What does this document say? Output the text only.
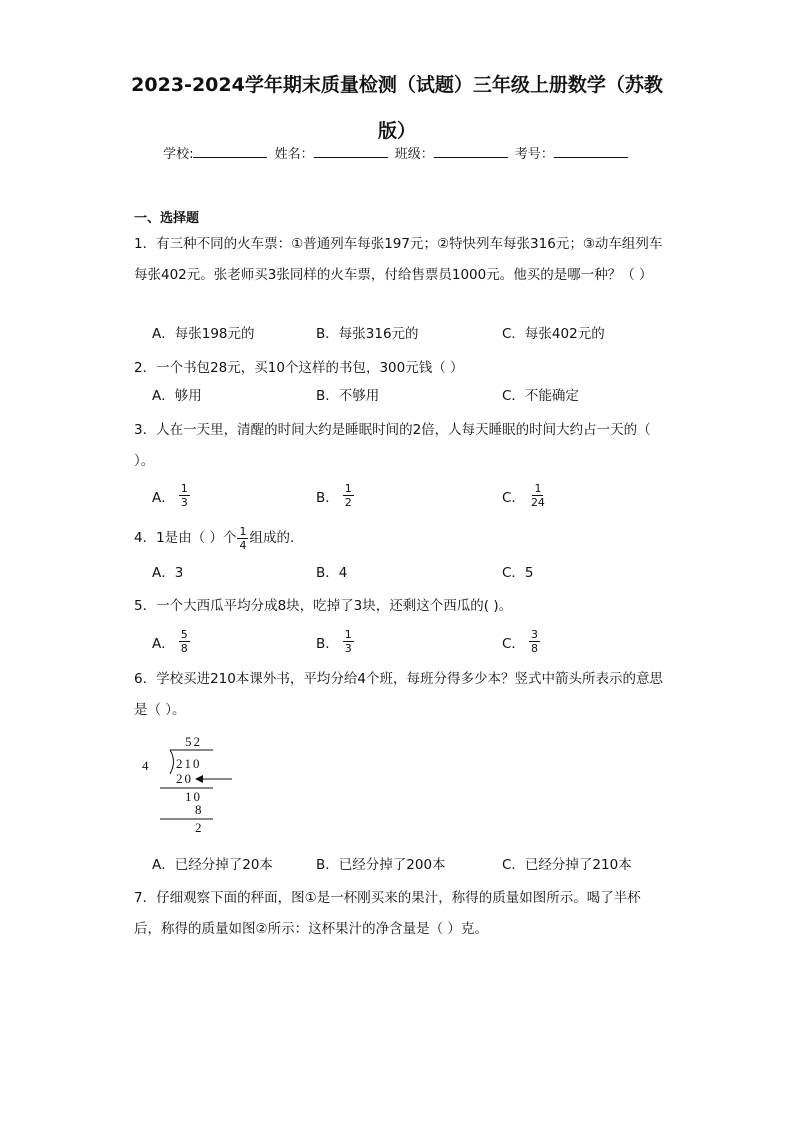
2023-2024学年期末质量检测（试题）三年级上册数学（苏教版）
学校:	姓名：	班级：	考号：
一、选择题
1．有三种不同的火车票：①普通列车每张197元；②特快列车每张316元；③动车组列车每张402元。张老师买3张同样的火车票，付给售票员1000元。他买的是哪一种？（ ）
A．每张198元的	B．每张316元的	C．每张402元的
2．一个书包28元，买10个这样的书包，300元钱（ ）
A．够用	B．不够用	C．不能确定
3．人在一天里，清醒的时间大约是睡眠时间的2倍，人每天睡眠的时间大约占一天的（ ）。
A． $\frac{1}{3}$	B． $\frac{1}{2}$	C． $\frac{1}{24}$
4．1是由（ ）个 $\frac{1}{4}$ 组成的.
A．3	B．4	C．5
5．一个大西瓜平均分成8块，吃掉了3块，还剩这个西瓜的( )。
A． $\frac{5}{8}$	B． $\frac{1}{3}$	C． $\frac{3}{8}$
6．学校买进210本课外书，平均分给4个班，每班分得多少本？竖式中箭头所表示的意思是（ ）。
52
4 210
20
10
8
2
A．已经分掉了20本	B．已经分掉了200本	C．已经分掉了210本
7．仔细观察下面的秤面，图①是一杯刚买来的果汁，称得的质量如图所示。喝了半杯后，称得的质量如图②所示：这杯果汁的净含量是（ ）克。
